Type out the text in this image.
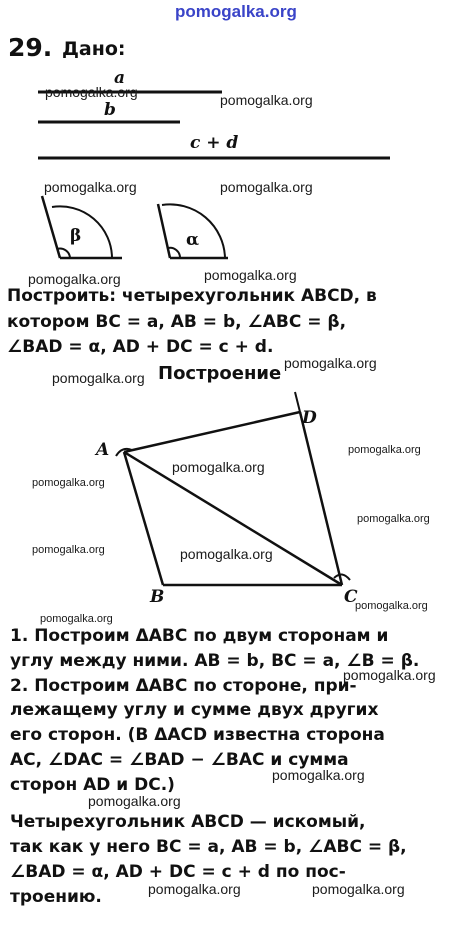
pomogalka.org
29. Дано:
a
b
c + d
β	α
pomogalka.org	pomogalka.org
pomogalka.org	pomogalka.org
pomogalka.org	pomogalka.org
Построить: четырехугольник ABCD, в
котором BC = a, AB = b, ∠ABC = β,
∠BAD = α, AD + DC = c + d.
pomogalka.org
pomogalka.org
Построение
A
B	C
D
pomogalka.org
pomogalka.org
pomogalka.org
pomogalka.org
pomogalka.org
pomogalka.org
pomogalka.org
pomogalka.org
1. Построим ΔABC по двум сторонам и
углу между ними. AB = b, BC = a, ∠B = β.
2. Построим ΔABC по стороне, при-
лежащему углу и сумме двух других
его сторон. (В ΔACD известна сторона
AC, ∠DAC = ∠BAD − ∠BAC и сумма
сторон AD и DC.)
pomogalka.org
pomogalka.org
pomogalka.org
Четырехугольник ABCD — искомый,
так как у него BC = a, AB = b, ∠ABC = β,
∠BAD = α, AD + DC = c + d по пос-
троению.	pomogalka.org	pomogalka.org
